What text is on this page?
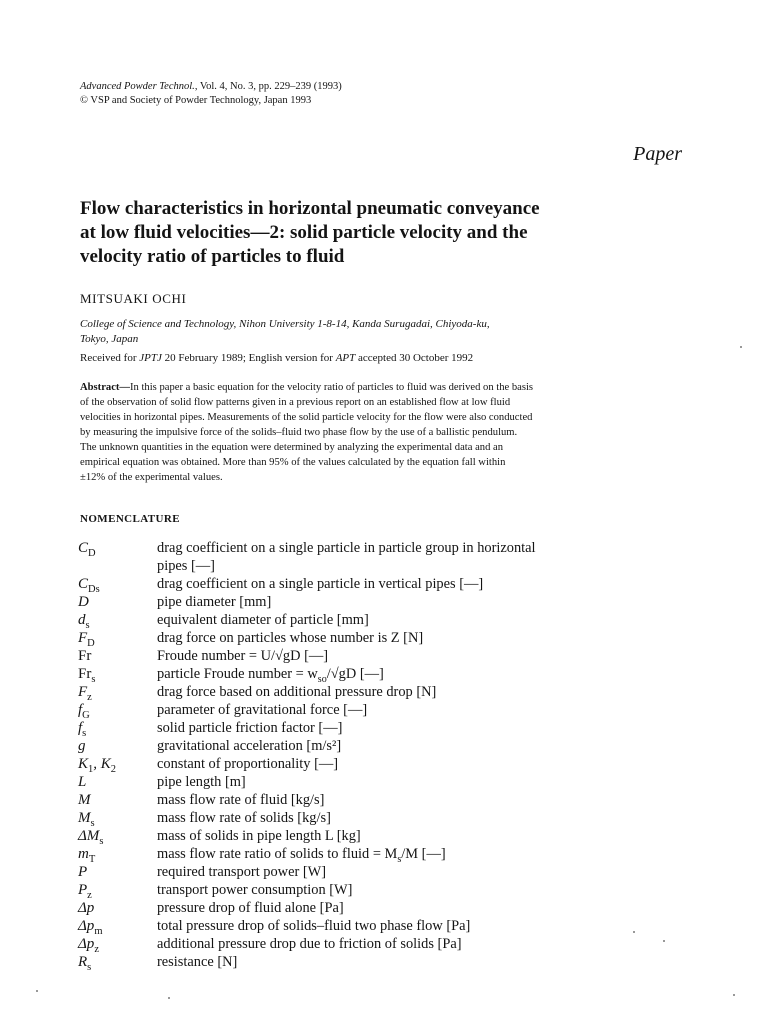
Advanced Powder Technol., Vol. 4, No. 3, pp. 229–239 (1993)
© VSP and Society of Powder Technology, Japan 1993
Paper
Flow characteristics in horizontal pneumatic conveyance
at low fluid velocities—2: solid particle velocity and the
velocity ratio of particles to fluid
MITSUAKI OCHI
College of Science and Technology, Nihon University 1-8-14, Kanda Surugadai, Chiyoda-ku,
Tokyo, Japan
Received for JPTJ 20 February 1989; English version for APT accepted 30 October 1992

Abstract—In this paper a basic equation for the velocity ratio of particles to fluid was derived on the basis
of the observation of solid flow patterns given in a previous report on an established flow at low fluid
velocities in horizontal pipes. Measurements of the solid particle velocity for the flow were also conducted
by measuring the impulsive force of the solids–fluid two phase flow by the use of a ballistic pendulum.
The unknown quantities in the equation were determined by analyzing the experimental data and an
empirical equation was obtained. More than 95% of the values calculated by the equation fall within
±12% of the experimental values.

NOMENCLATURE
$C_D$	drag coefficient on a single particle in particle group in horizontal
pipes [—]
$C_{Ds}$	drag coefficient on a single particle in vertical pipes [—]
D	pipe diameter [mm]
$d_s$	equivalent diameter of particle [mm]
$F_D$	drag force on particles whose number is Z [N]
Fr	Froude number = U/√gD [—]
$Fr_s$	particle Froude number = $w_{so}/√gD$ [—]
$F_z$	drag force based on additional pressure drop [N]
$f_G$	parameter of gravitational force [—]
$f_s$	solid particle friction factor [—]
g	gravitational acceleration [m/s²]
$K_1$, $K_2$	constant of proportionality [—]
L	pipe length [m]
M	mass flow rate of fluid [kg/s]
$M_s$	mass flow rate of solids [kg/s]
$\Delta M_s$	mass of solids in pipe length L [kg]
$m_T$	mass flow rate ratio of solids to fluid = $M_s/M$ [—]
P	required transport power [W]
$P_z$	transport power consumption [W]
Δp	pressure drop of fluid alone [Pa]
$\Delta p_m$	total pressure drop of solids–fluid two phase flow [Pa]
$\Delta p_z$	additional pressure drop due to friction of solids [Pa]
$R_s$	resistance [N]
